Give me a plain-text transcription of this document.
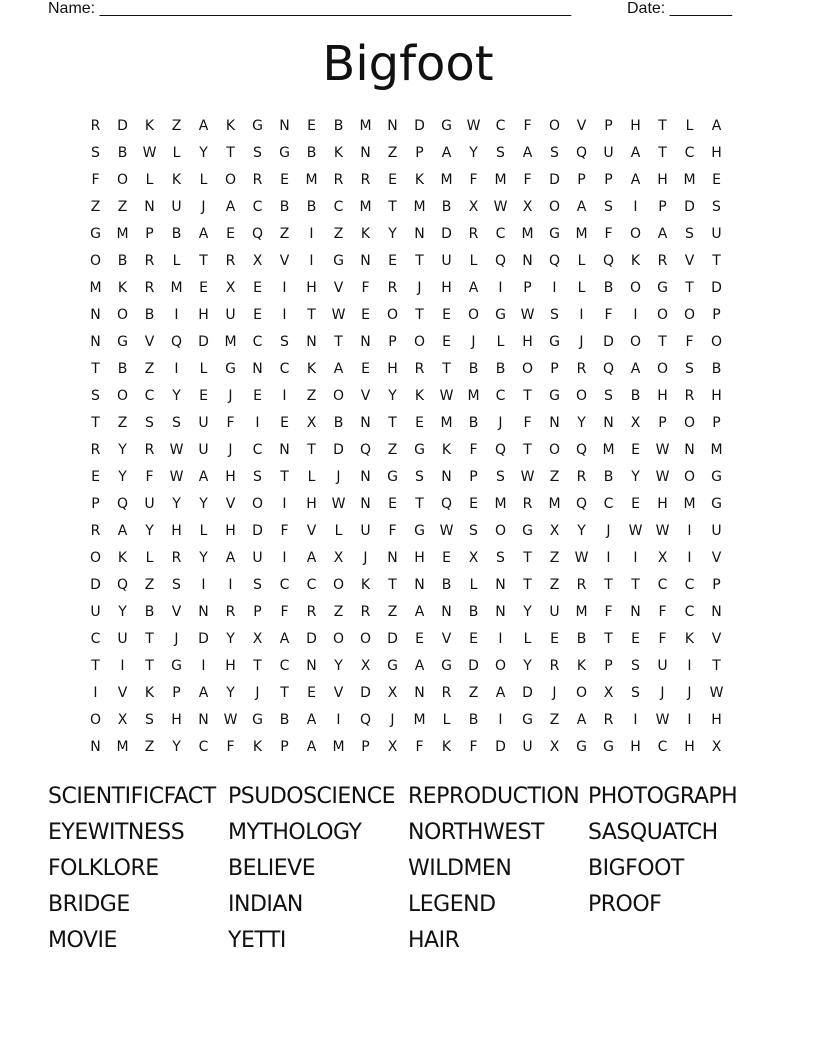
Name: _____________________________________________________	Date: _______
Bigfoot
R	D	K	Z	A	K	G	N	E	B	M	N	D	G	W	C	F	O	V	P	H	T	L	A
S	B	W	L	Y	T	S	G	B	K	N	Z	P	A	Y	S	A	S	Q	U	A	T	C	H
F	O	L	K	L	O	R	E	M	R	R	E	K	M	F	M	F	D	P	P	A	H	M	E
Z	Z	N	U	J	A	C	B	B	C	M	T	M	B	X	W	X	O	A	S	I	P	D	S
G	M	P	B	A	E	Q	Z	I	Z	K	Y	N	D	R	C	M	G	M	F	O	A	S	U
O	B	R	L	T	R	X	V	I	G	N	E	T	U	L	Q	N	Q	L	Q	K	R	V	T
M	K	R	M	E	X	E	I	H	V	F	R	J	H	A	I	P	I	L	B	O	G	T	D
N	O	B	I	H	U	E	I	T	W	E	O	T	E	O	G	W	S	I	F	I	O	O	P
N	G	V	Q	D	M	C	S	N	T	N	P	O	E	J	L	H	G	J	D	O	T	F	O
T	B	Z	I	L	G	N	C	K	A	E	H	R	T	B	B	O	P	R	Q	A	O	S	B
S	O	C	Y	E	J	E	I	Z	O	V	Y	K	W	M	C	T	G	O	S	B	H	R	H
T	Z	S	S	U	F	I	E	X	B	N	T	E	M	B	J	F	N	Y	N	X	P	O	P
R	Y	R	W	U	J	C	N	T	D	Q	Z	G	K	F	Q	T	O	Q	M	E	W	N	M
E	Y	F	W	A	H	S	T	L	J	N	G	S	N	P	S	W	Z	R	B	Y	W	O	G
P	Q	U	Y	Y	V	O	I	H	W	N	E	T	Q	E	M	R	M	Q	C	E	H	M	G
R	A	Y	H	L	H	D	F	V	L	U	F	G	W	S	O	G	X	Y	J	W W	I	U
O	K	L	R	Y	A	U	I	A	X	J	N	H	E	X	S	T	Z	W	I	I	X	I	V
D	Q	Z	S	I	I	S	C	C	O	K	T	N	B	L	N	T	Z	R	T	T	C	C	P
U	Y	B	V	N	R	P	F	R	Z	R	Z	A	N	B	N	Y	U	M	F	N	F	C	N
C	U	T	J	D	Y	X	A	D	O	O	D	E	V	E	I	L	E	B	T	E	F	K	V
T	I	T	G	I	H	T	C	N	Y	X	G	A	G	D	O	Y	R	K	P	S	U	I	T
I	V	K	P	A	Y	J	T	E	V	D	X	N	R	Z	A	D	J	O	X	S	J	J	W
O	X	S	H	N	W	G	B	A	I	Q	J	M	L	B	I	G	Z	A	R	I	W	I	H
N	M	Z	Y	C	F	K	P	A	M	P	X	F	K	F	D	U	X	G	G	H	C	H	X
SCIENTIFICFACT PSUDOSCIENCE REPRODUCTION PHOTOGRAPH
EYEWITNESS	MYTHOLOGY	NORTHWEST	SASQUATCH
FOLKLORE	BELIEVE	WILDMEN	BIGFOOT
BRIDGE	INDIAN	LEGEND	PROOF
MOVIE	YETTI	HAIR
